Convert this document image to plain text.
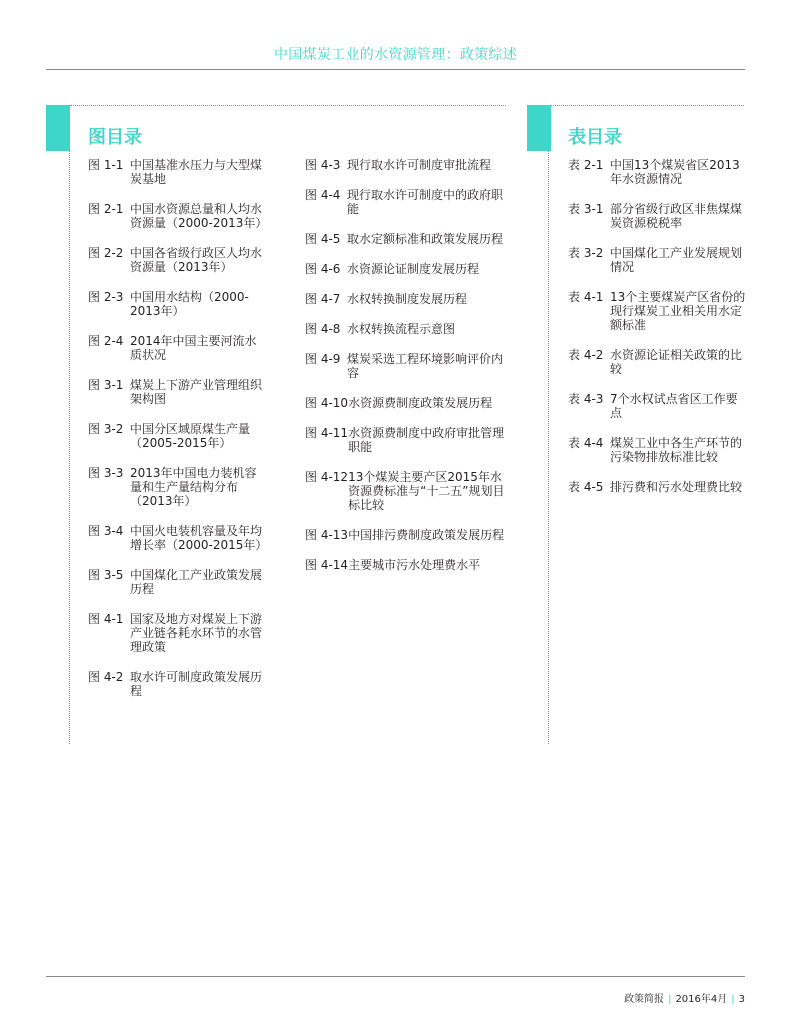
中国煤炭工业的水资源管理：政策综述
图目录	表目录
图 1-1 中国基准水压力与大型煤炭基地
图 2-1 中国水资源总量和人均水资源量（2000-2013年）
图 2-2 中国各省级行政区人均水资源量（2013年）
图 2-3 中国用水结构（2000-2013年）
图 2-4 2014年中国主要河流水质状况
图 3-1 煤炭上下游产业管理组织架构图
图 3-2 中国分区域原煤生产量（2005-2015年）
图 3-3 2013年中国电力装机容量和生产量结构分布（2013年）
图 3-4 中国火电装机容量及年均增长率（2000-2015年）
图 3-5 中国煤化工产业政策发展历程
图 4-1 国家及地方对煤炭上下游产业链各耗水环节的水管理政策
图 4-2 取水许可制度政策发展历程
图 4-3 现行取水许可制度审批流程
图 4-4 现行取水许可制度中的政府职能
图 4-5 取水定额标准和政策发展历程
图 4-6 水资源论证制度发展历程
图 4-7 水权转换制度发展历程
图 4-8 水权转换流程示意图
图 4-9 煤炭采选工程环境影响评价内容
图 4-10 水资源费制度政策发展历程
图 4-11 水资源费制度中政府审批管理职能
图 4-12 13个煤炭主要产区2015年水资源费标准与“十二五”规划目标比较
图 4-13 中国排污费制度政策发展历程
图 4-14 主要城市污水处理费水平
表 2-1 中国13个煤炭省区2013年水资源情况
表 3-1 部分省级行政区非焦煤煤炭资源税税率
表 3-2 中国煤化工产业发展规划情况
表 4-1 13个主要煤炭产区省份的现行煤炭工业相关用水定额标准
表 4-2 水资源论证相关政策的比较
表 4-3 7个水权试点省区工作要点
表 4-4 煤炭工业中各生产环节的污染物排放标准比较
表 4-5 排污费和污水处理费比较
政策简报 | 2016年4月 | 3
